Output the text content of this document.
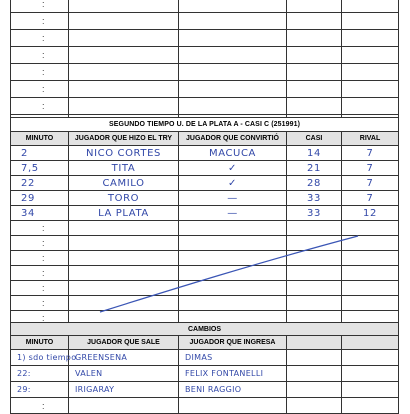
:				

:				

:				

:				

:				

:				

:				

SEGUNDO TIEMPO U. DE LA PLATA A - CASI C (251991)				
MINUTO	JUGADOR QUE HIZO EL TRY	JUGADOR QUE CONVIRTIÓ	CASI	RIVAL

2	NICO CORTES	MACUCA	14	7

7,5	TITA	✓	21	7

22	CAMILO	✓	28	7

29	TORO	—	33	7

34	LA PLATA	—	33	12

:				

:				

:				

:				

:				

:				

:				

CAMBIOS				
MINUTO	JUGADOR QUE SALE	JUGADOR QUE INGRESA		

1) sdo tiempo	GREENSENA	DIMAS		

22:	VALEN	FELIX FONTANELLI		

29:	IRIGARAY	BENI RAGGIO		

:				
